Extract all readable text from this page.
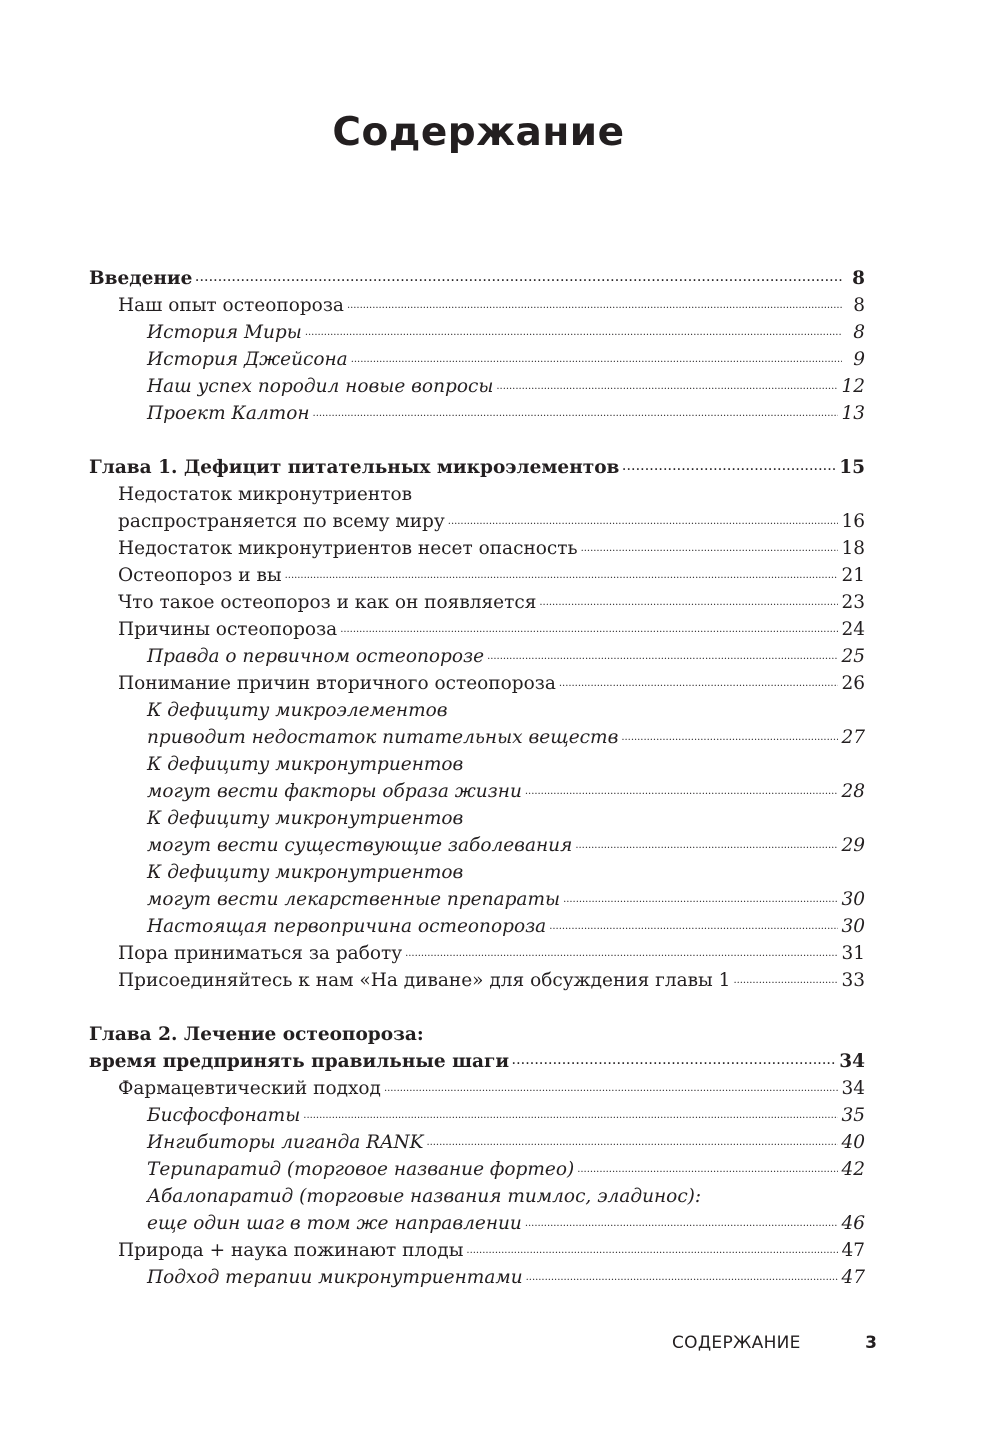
Содержание
Введение . . .	8
Наш опыт остеопороза . . .	8
История Миры . . .	8
История Джейсона . . .	9
Наш успех породил новые вопросы . . .	12
Проект Калтон . . .	13
Глава 1. Дефицит питательных микроэлементов . . .	15
Недостаток микронутриентов
распространяется по всему миру . . .	16
Недостаток микронутриентов несет опасность . . .	18
Остеопороз и вы . . .	21
Что такое остеопороз и как он появляется . . .	23
Причины остеопороза . . .	24
Правда о первичном остеопорозе . . .	25
Понимание причин вторичного остеопороза . . .	26
К дефициту микроэлементов
приводит недостаток питательных веществ . . .	27
К дефициту микронутриентов
могут вести факторы образа жизни . . .	28
К дефициту микронутриентов
могут вести существующие заболевания . . .	29
К дефициту микронутриентов
могут вести лекарственные препараты . . .	30
Настоящая первопричина остеопороза . . .	30
Пора приниматься за работу . . .	31
Присоединяйтесь к нам «На диване» для обсуждения главы 1 . . .	33
Глава 2. Лечение остеопороза:
время предпринять правильные шаги . . .	34
Фармацевтический подход . . .	34
Бисфосфонаты . . .	35
Ингибиторы лиганда RANK . . .	40
Терипаратид (торговое название фортео) . . .	42
Абалопаратид (торговые названия тимлос, эладинос):
еще один шаг в том же направлении . . .	46
Природа + наука пожинают плоды . . .	47
Подход терапии микронутриентами . . .	47
СОДЕРЖАНИЕ	3
